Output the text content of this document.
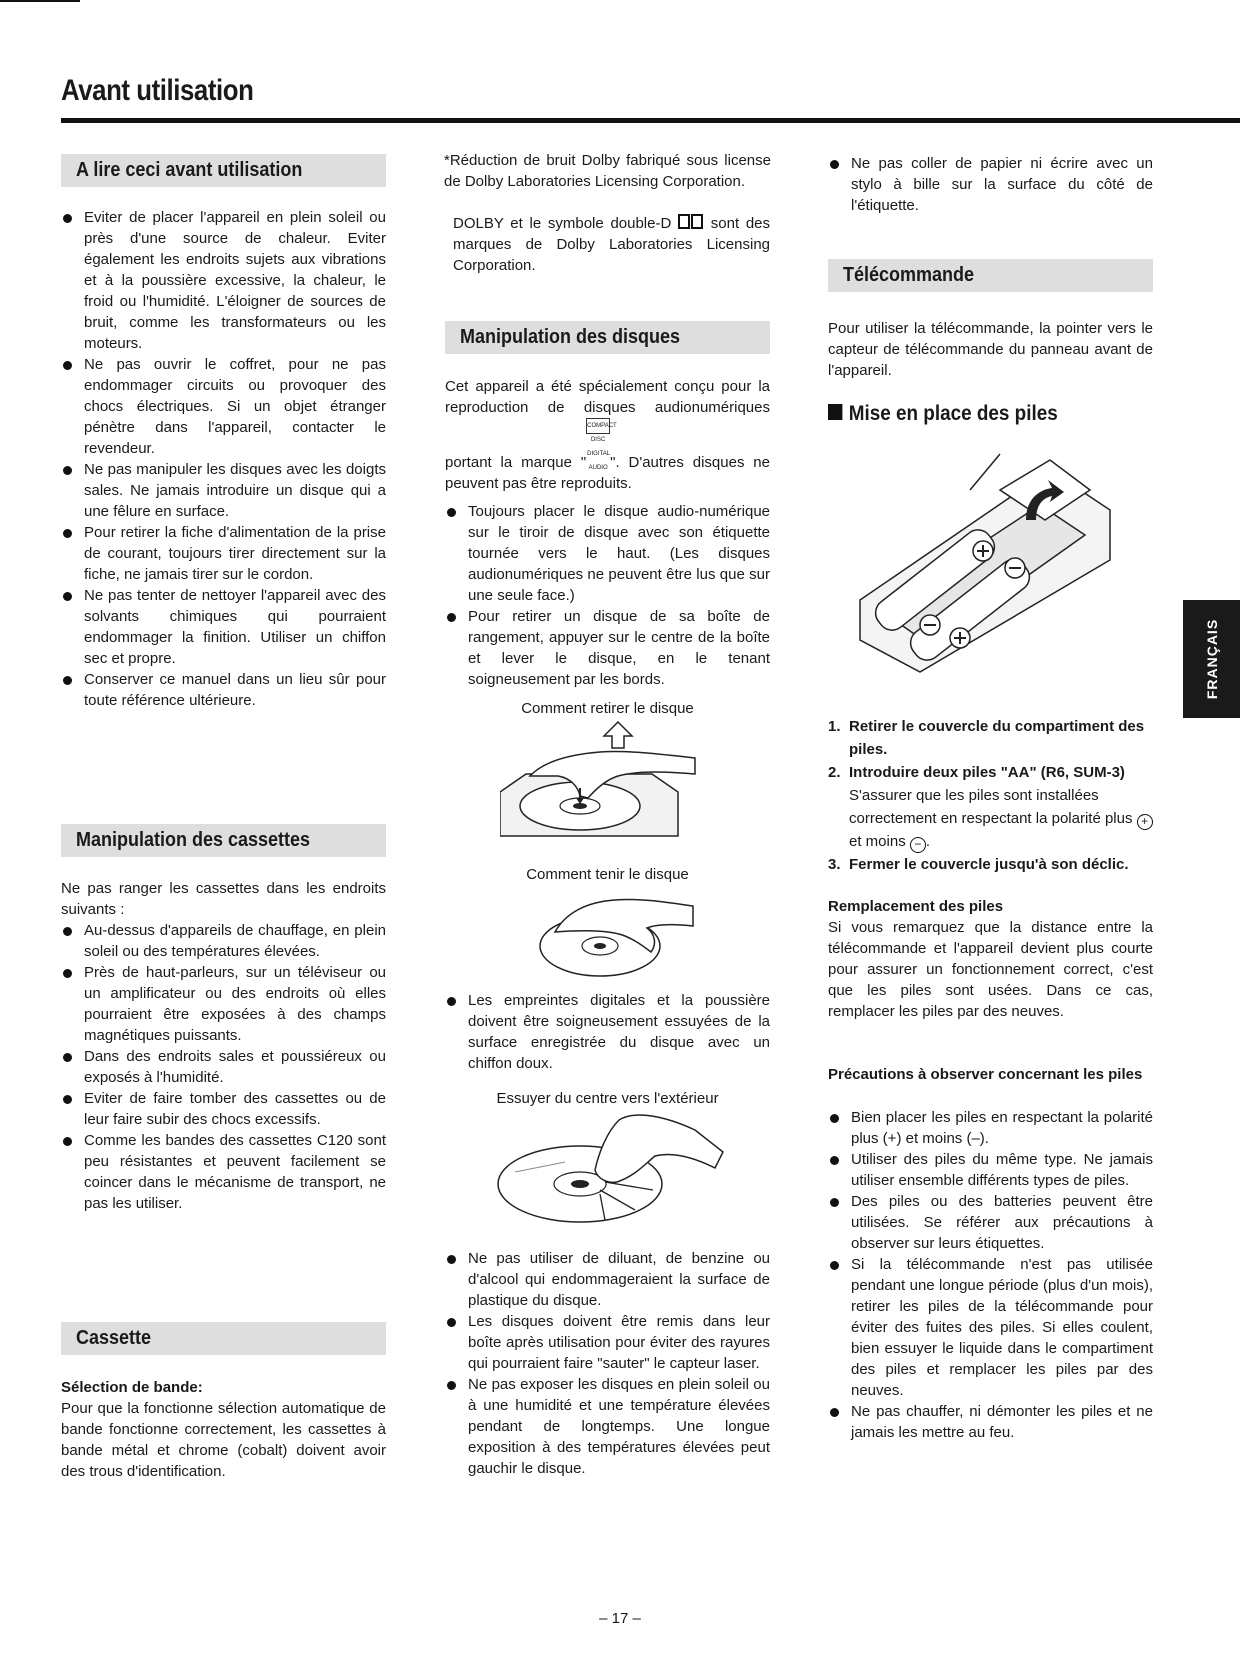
Avant utilisation
A lire ceci avant utilisation
Eviter de placer l'appareil en plein soleil ou près d'une source de chaleur. Eviter également les endroits sujets aux vibrations et à la poussière excessive, la chaleur, le froid ou l'humidité. L'éloigner de sources de bruit, comme les transformateurs ou les moteurs.
Ne pas ouvrir le coffret, pour ne pas endommager circuits ou provoquer des chocs électriques. Si un objet étranger pénètre dans l'appareil, contacter le revendeur.
Ne pas manipuler les disques avec les doigts sales. Ne jamais introduire un disque qui a une fêlure en surface.
Pour retirer la fiche d'alimentation de la prise de courant, toujours tirer directement sur la fiche, ne jamais tirer sur le cordon.
Ne pas tenter de nettoyer l'appareil avec des solvants chimiques qui pourraient endommager la finition. Utiliser un chiffon sec et propre.
Conserver ce manuel dans un lieu sûr pour toute référence ultérieure.
Manipulation des cassettes

Ne pas ranger les cassettes dans les endroits suivants :

Au-dessus d'appareils de chauffage, en plein soleil ou des températures élevées.
Près de haut-parleurs, sur un téléviseur ou un amplificateur ou des endroits où elles pourraient être exposées à des champs magnétiques puissants.
Dans des endroits sales et poussiéreux ou exposés à l'humidité.
Eviter de faire tomber des cassettes ou de leur faire subir des chocs excessifs.
Comme les bandes des cassettes C120 sont peu résistantes et peuvent facilement se coincer dans le mécanisme de transport, ne pas les utiliser.
Cassette
Sélection de bande:

Pour que la fonctionne sélection automatique de bande fonctionne correctement, les cassettes à bande métal et chrome (cobalt) doivent avoir des trous d'identification.

*Réduction de bruit Dolby fabriqué sous license de Dolby Laboratories Licensing Corporation.

DOLBY et le symbole double-D	sont des marques de Dolby Laboratories Licensing Corporation.

Manipulation des disques

Cet appareil a été spécialement conçu pour la reproduction de disques audionumériques portant la marque "COMPACT DISC DIGITAL AUDIO ". D'autres disques ne peuvent pas être reproduits.

Toujours placer le disque audio-numérique sur le tiroir de disque avec son étiquette tournée vers le haut. (Les disques audionumériques ne peuvent être lus que sur une seule face.)
Pour retirer un disque de sa boîte de rangement, appuyer sur le centre de la boîte et lever le disque, en le tenant soigneusement par les bords.
Comment retirer le disque
Comment tenir le disque
Les empreintes digitales et la poussière doivent être soigneusement essuyées de la surface enregistrée du disque avec un chiffon doux.
Essuyer du centre vers l'extérieur
Ne pas utiliser de diluant, de benzine ou d'alcool qui endommageraient la surface de plastique du disque.
Les disques doivent être remis dans leur boîte après utilisation pour éviter des rayures qui pourraient faire "sauter" le capteur laser.
Ne pas exposer les disques en plein soleil ou à une humidité et une température élevées pendant de longtemps. Une longue exposition à des températures élevées peut gauchir le disque.
Ne pas coller de papier ni écrire avec un stylo à bille sur la surface du côté de l'étiquette.
Télécommande

Pour utiliser la télécommande, la pointer vers le capteur de télécommande du panneau avant de l'appareil.

Mise en place des piles
1. Retirer le couvercle du compartiment des piles.
2. Introduire deux piles "AA" (R6, SUM-3)
S'assurer que les piles sont installées correctement en respectant la polarité plus + et moins − .
3. Fermer le couvercle jusqu'à son déclic.
Remplacement des piles

Si vous remarquez que la distance entre la télécommande et l'appareil devient plus courte pour assurer un fonctionnement correct, c'est que les piles sont usées. Dans ce cas, remplacer les piles par des neuves.

Précautions à observer concernant les piles
Bien placer les piles en respectant la polarité plus (+) et moins (–).
Utiliser des piles du même type. Ne jamais utiliser ensemble différents types de piles.
Des piles ou des batteries peuvent être utilisées. Se référer aux précautions à observer sur leurs étiquettes.
Si la télécommande n'est pas utilisée pendant une longue période (plus d'un mois), retirer les piles de la télécommande pour éviter des fuites des piles. Si elles coulent, bien essuyer le liquide dans le compartiment des piles et remplacer les piles par des neuves.
Ne pas chauffer, ni démonter les piles et ne jamais les mettre au feu.
FRANÇAIS
– 17 –
